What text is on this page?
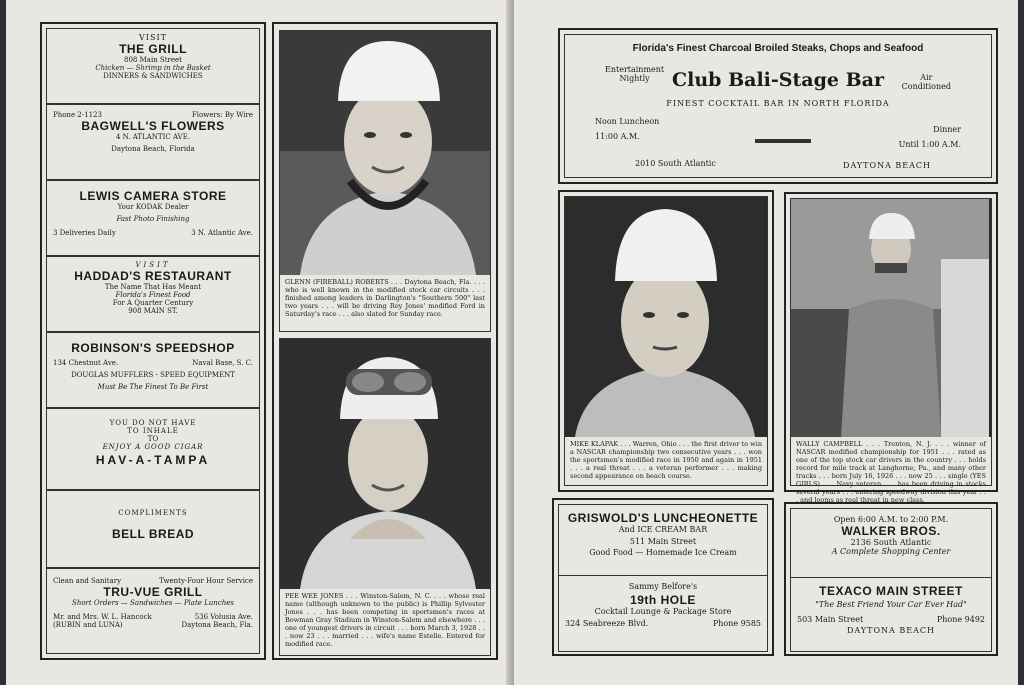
VISIT
THE GRILL
808 Main Street
Chicken — Shrimp in the Basket
DINNERS & SANDWICHES
Phone 2-1123	Flowers: By Wire
BAGWELL'S FLOWERS
4 N. ATLANTIC AVE.
Daytona Beach, Florida
LEWIS CAMERA STORE
Your KODAK Dealer
Fast Photo Finishing
3 Deliveries Daily	3 N. Atlantic Ave.
VISIT
HADDAD'S RESTAURANT
The Name That Has Meant
Florida's Finest Food
For A Quarter Century
908 MAIN ST.
ROBINSON'S SPEEDSHOP
134 Chestnut Ave.	Naval Base, S. C.
DOUGLAS MUFFLERS - SPEED EQUIPMENT
Must Be The Finest To Be First
YOU DO NOT HAVE
TO INHALE
TO
ENJOY A GOOD CIGAR
HAV-A-TAMPA
COMPLIMENTS
BELL BREAD
Clean and Sanitary	Twenty-Four Hour Service
TRU-VUE GRILL
Short Orders — Sandwiches — Plate Lunches
Mr. and Mrs. W. L. Hancock	536 Volusia Ave.
(RUBIN and LUNA)	Daytona Beach, Fla.
GLENN (FIREBALL) ROBERTS . . . Daytona Beach, Fla. . . . who is well known in the modified stock car circuits . . . finished among leaders in Darlington's "Southern 500" last two years . . . will be driving Roy Jones' modified Ford in Saturday's race . . . also slated for Sunday race.
PEE WEE JONES . . . Winston-Salem, N. C. . . . whose real name (although unknown to the public) is Phillip Sylvester Jones . . . has been competing in sportsmen's races at Bowman Gray Stadium in Winston-Salem and elsewhere . . . one of youngest drivers in circuit . . . born March 3, 1928 . . . now 23 . . . married . . . wife's name Estelle. Entered for modified race.
Florida's Finest Charcoal Broiled Steaks, Chops and Seafood
Entertainment
Nightly	Club Bali-Stage Bar	Air
Conditioned
FINEST COCKTAIL BAR IN NORTH FLORIDA
Noon Luncheon
11:00 A.M.
Dinner
Until 1:00 A.M.
2010 South Atlantic	DAYTONA BEACH
MIKE KLAPAK . . . Warren, Ohio . . . the first driver to win a NASCAR championship two consecutive years . . . won the sportsmen's modified race in 1950 and again in 1951 . . . a real threat . . . a veteran performer . . . making second appearance on beach course.
WALLY CAMPBELL . . . Trenton, N. J. . . . winner of NASCAR modified championship for 1951 . . . rated as one of the top stock car drivers in the country . . . holds record for mile track at Langhorne, Pa., and many other tracks . . . born July 16, 1926 . . . now 25 . . . single (YES GIRLS) . . . Navy veteran . . . has been driving in stocks several years . . . entering speedway division this year . . . and looms as real threat in new class.
GRISWOLD'S LUNCHEONETTE
And ICE CREAM BAR
511 Main Street
Good Food — Homemade Ice Cream
Sammy Belfore's
19th HOLE
Cocktail Lounge & Package Store
324 Seabreeze Blvd.	Phone 9585
Open 6:00 A.M. to 2:00 P.M.
WALKER BROS.
2136 South Atlantic
A Complete Shopping Center
TEXACO MAIN STREET
"The Best Friend Your Car Ever Had"
503 Main Street	Phone 9492
DAYTONA BEACH
